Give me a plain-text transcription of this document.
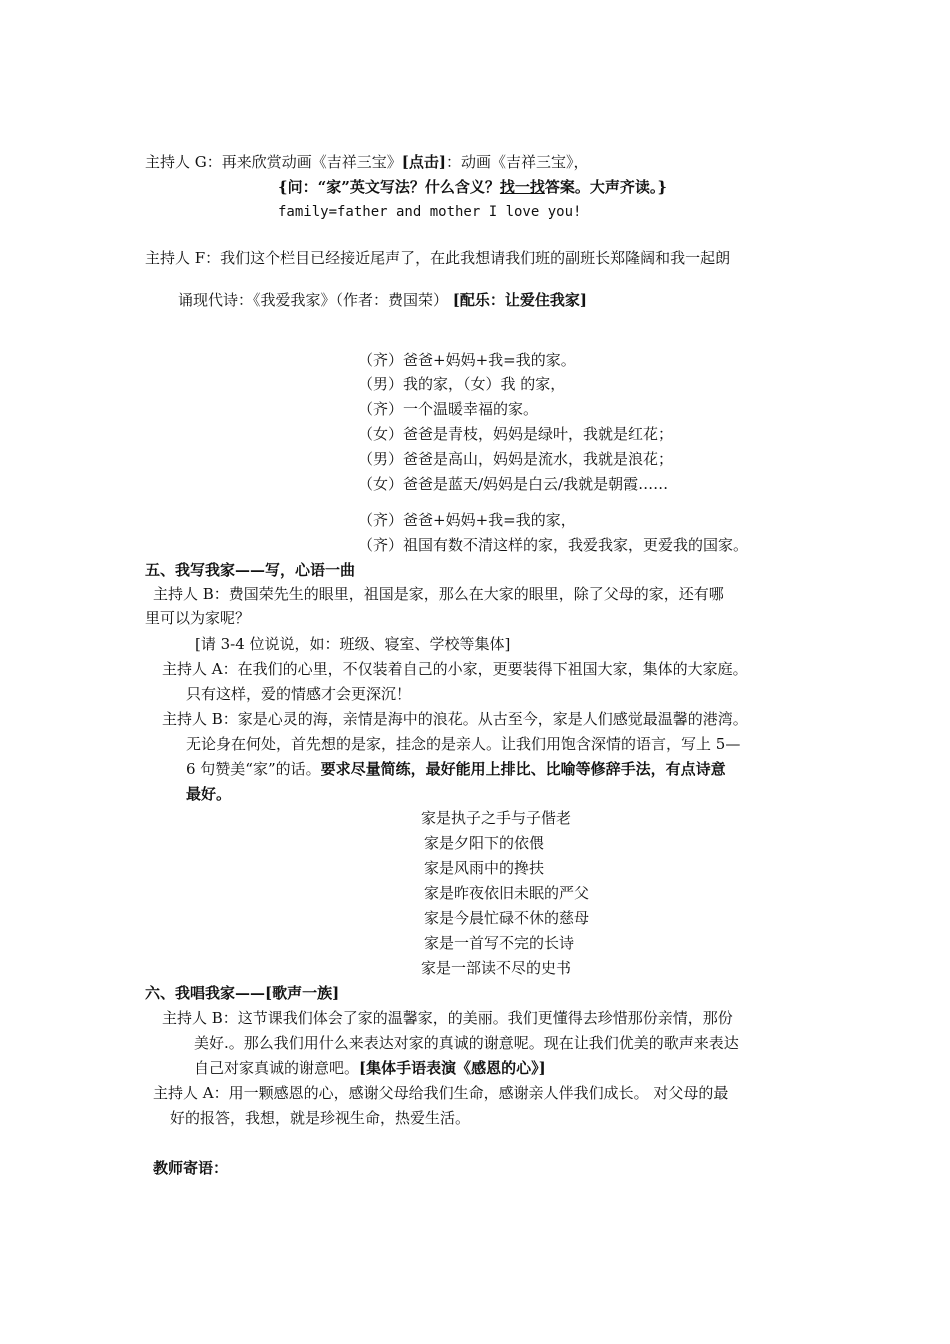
主持人 G：再来欣赏动画《吉祥三宝》[点击]：动画《吉祥三宝》，
{问：“家”英文写法？什么含义？找一找答案。大声齐读。}
family=father and mother I love you!
主持人 F：我们这个栏目已经接近尾声了，在此我想请我们班的副班长郑隆阔和我一起朗
诵现代诗：《我爱我家》（作者：费国荣） [配乐：让爱住我家]
（齐）爸爸+妈妈+我=我的家。
（男）我的家，（女）我 的家，
（齐）一个温暖幸福的家。
（女）爸爸是青枝，妈妈是绿叶，我就是红花；
（男）爸爸是高山，妈妈是流水，我就是浪花；
（女）爸爸是蓝天/妈妈是白云/我就是朝霞……
（齐）爸爸+妈妈+我=我的家，
（齐）祖国有数不清这样的家，我爱我家，更爱我的国家。
五、我写我家——写，心语一曲
主持人 B：费国荣先生的眼里，祖国是家，那么在大家的眼里，除了父母的家，还有哪
里可以为家呢？
[请 3-4 位说说，如：班级、寝室、学校等集体]
主持人 A：在我们的心里，不仅装着自己的小家，更要装得下祖国大家，集体的大家庭。
只有这样，爱的情感才会更深沉！
主持人 B：家是心灵的海，亲情是海中的浪花。从古至今，家是人们感觉最温馨的港湾。
无论身在何处，首先想的是家，挂念的是亲人。让我们用饱含深情的语言，写上 5—
6 句赞美“家”的话。要求尽量简练，最好能用上排比、比喻等修辞手法，有点诗意
最好。
家是执子之手与子偕老
家是夕阳下的依偎
家是风雨中的搀扶
家是昨夜依旧未眠的严父
家是今晨忙碌不休的慈母
家是一首写不完的长诗
家是一部读不尽的史书
六、我唱我家——[歌声一族]
主持人 B：这节课我们体会了家的温馨家，的美丽。我们更懂得去珍惜那份亲情，那份
美好.。那么我们用什么来表达对家的真诚的谢意呢。现在让我们优美的歌声来表达
自己对家真诚的谢意吧。[集体手语表演《感恩的心》]
主持人 A：用一颗感恩的心，感谢父母给我们生命，感谢亲人伴我们成长。 对父母的最
好的报答，我想，就是珍视生命，热爱生活。
教师寄语：
